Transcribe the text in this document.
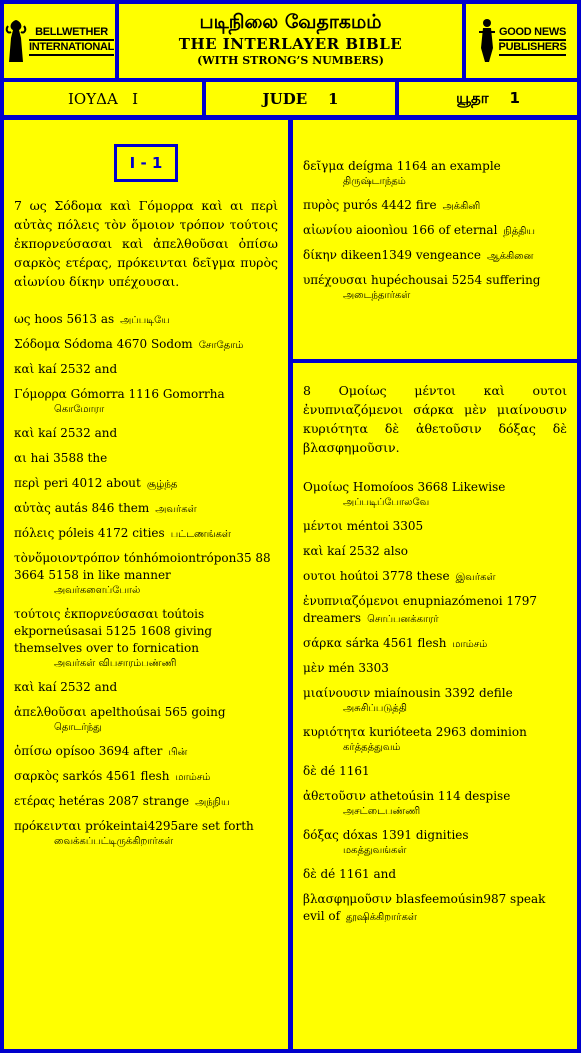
BELLWETHER
INTERNATIONAL
படிநிலை வேதாகமம்
THE INTERLAYER BIBLE
(WITH STRONG’S NUMBERS)
GOOD NEWS
PUBLISHERS
ΙΟΥΔΑ   Ι	JUDE    1	யூதா    1
I - 1
7 ως Σόδομα καὶ Γόμορρα καὶ αι περὶ αὐτὰς πόλεις τὸν ὅμοιον τρόπον τούτοις ἐκπορνεύσασαι καὶ ἀπελθοῦσαι ὀπίσω σαρκὸς ετέρας, πρόκεινται δεῖγμα πυρὸς αἰωνίου δίκην υπέχουσαι.
ως hoos 5613 as அப்படியே
Σόδομα Sódoma 4670 Sodom சோதோம்
καὶ kaí 2532 and
Γόμορρα Gómorra 1116 Gomorrha
கொமோரா
καὶ kaí 2532 and
αι hai 3588 the
περὶ peri 4012 about சூழ்ந்த
αὐτὰς autás 846 them அவர்கள்
πόλεις póleis 4172 cities பட்டணங்கள்
τὸνὅμοιοντρόπον tónhómoiontrópon35 88 3664 5158 in like manner
அவர்களைப்போல்
τούτοις ἐκπορνεύσασαι toútois ekporneúsasai 5125 1608 giving themselves over to fornication
அவர்கள் விபசாரம்பண்ணி
καὶ kaí 2532 and
ἀπελθοῦσαι apelthoúsai 565 going
தொடர்ந்து
ὀπίσω opísoo 3694 after பின்
σαρκὸς sarkós 4561 flesh மாம்சம்
ετέρας hetéras 2087 strange அந்நிய
πρόκεινται prókeintai4295are set forth
வைக்கப்பட்டிருக்கிறார்கள்
δεῖγμα deígma 1164 an example
திருஷ்டாந்தம்
πυρὸς purós 4442 fire அக்கினி
αἰωνίου aioonìou 166 of eternal நித்திய
δίκην dikeen1349 vengeance ஆக்கினை
υπέχουσαι hupéchousai 5254 suffering
அடைந்தார்கள்
8 Ομοίως μέντοι καὶ ουτοι ἐνυπνιαζόμενοι σάρκα μὲν μιαίνουσιν κυριότητα δὲ ἀθετοῦσιν δόξας δὲ βλασφημοῦσιν.
Ομοίως Homoíoos 3668 Likewise
அப்படிப்போலவே
μέντοι méntoi 3305
καὶ kaí 2532 also
ουτοι hoútoi 3778 these இவர்கள்
ἐνυπνιαζόμενοι enupniazómenoi 1797 dreamers சொப்பனக்காரர்
σάρκα sárka 4561 flesh மாம்சம்
μὲν mén 3303
μιαίνουσιν miaínousin 3392 defile
அசுசிப்படுத்தி
κυριότητα kuriótеeta 2963 dominion
கர்த்தத்துவம்
δὲ dé 1161
ἀθετοῦσιν athetoúsin 114 despise
அசட்டைபண்ணி
δόξας dóxas 1391 dignities
மகத்துவங்கள்
δὲ dé 1161 and
βλασφημοῦσιν blasfeemoúsin987 speak evil of தூஷிக்கிறார்கள்
